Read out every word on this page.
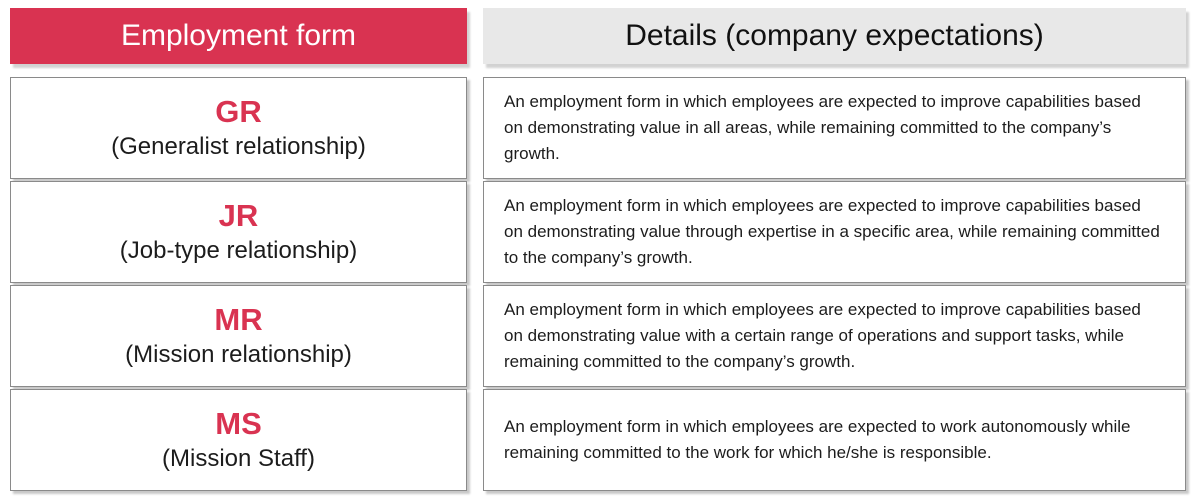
Employment form
GR
(Generalist relationship)
JR
(Job-type relationship)
MR
(Mission relationship)
MS
(Mission Staff)
Details (company expectations)

An employment form in which employees are expected to improve capabilities based on demonstrating value in all areas, while remaining committed to the company’s growth.

An employment form in which employees are expected to improve capabilities based on demonstrating value through expertise in a specific area, while remaining committed to the company’s growth.

An employment form in which employees are expected to improve capabilities based on demonstrating value with a certain range of operations and support tasks, while remaining committed to the company’s growth.

An employment form in which employees are expected to work autonomously while remaining committed to the work for which he/she is responsible.
